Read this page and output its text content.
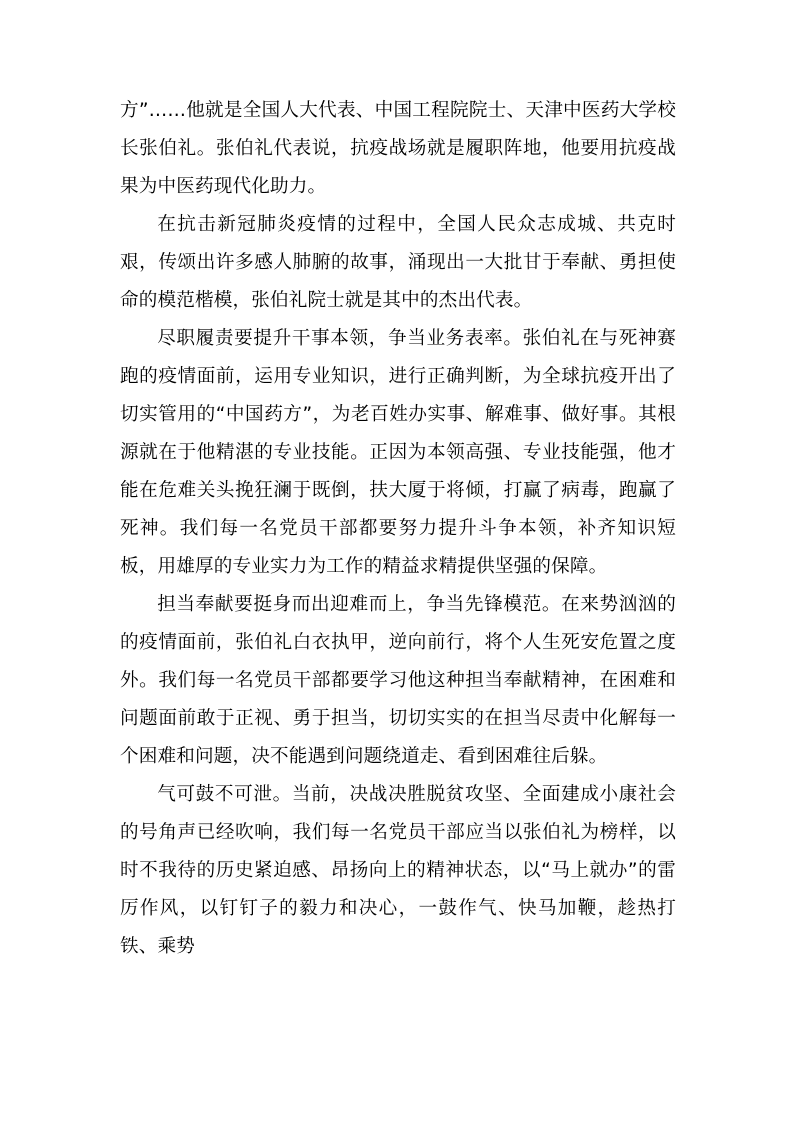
方”……他就是全国人大代表、中国工程院院士、天津中医药大学校长张伯礼。张伯礼代表说，抗疫战场就是履职阵地，他要用抗疫战果为中医药现代化助力。

在抗击新冠肺炎疫情的过程中，全国人民众志成城、共克时艰，传颂出许多感人肺腑的故事，涌现出一大批甘于奉献、勇担使命的模范楷模，张伯礼院士就是其中的杰出代表。

尽职履责要提升干事本领，争当业务表率。张伯礼在与死神赛跑的疫情面前，运用专业知识，进行正确判断，为全球抗疫开出了切实管用的“中国药方”，为老百姓办实事、解难事、做好事。其根源就在于他精湛的专业技能。正因为本领高强、专业技能强，他才能在危难关头挽狂澜于既倒，扶大厦于将倾，打赢了病毒，跑赢了死神。我们每一名党员干部都要努力提升斗争本领，补齐知识短板，用雄厚的专业实力为工作的精益求精提供坚强的保障。

担当奉献要挺身而出迎难而上，争当先锋模范。在来势汹汹的的疫情面前，张伯礼白衣执甲，逆向前行，将个人生死安危置之度外。我们每一名党员干部都要学习他这种担当奉献精神，在困难和问题面前敢于正视、勇于担当，切切实实的在担当尽责中化解每一个困难和问题，决不能遇到问题绕道走、看到困难往后躲。

气可鼓不可泄。当前，决战决胜脱贫攻坚、全面建成小康社会的号角声已经吹响，我们每一名党员干部应当以张伯礼为榜样，以时不我待的历史紧迫感、昂扬向上的精神状态，以“马上就办”的雷厉作风，以钉钉子的毅力和决心，一鼓作气、快马加鞭，趁热打铁、乘势
